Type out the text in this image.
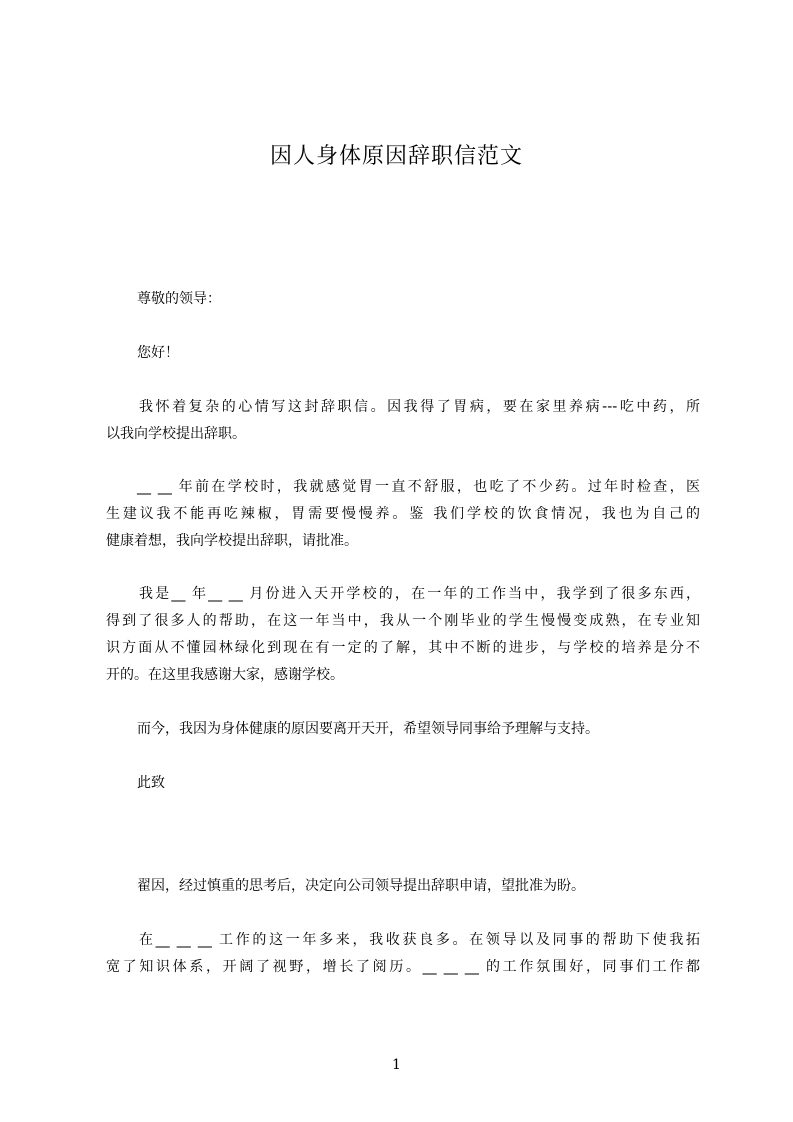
因人身体原因辞职信范文
尊敬的领导：
您好！
我怀着复杂的心情写这封辞职信。因我得了胃病，要在家里养病---吃中药，所
以我向学校提出辞职。
__ __ 年前在学校时，我就感觉胃一直不舒服，也吃了不少药。过年时检查，医
生建议我不能再吃辣椒，胃需要慢慢养。鉴 我们学校的饮食情况，我也为自己的
健康着想，我向学校提出辞职，请批准。
我是__ 年__ __ 月份进入天开学校的，在一年的工作当中，我学到了很多东西，
得到了很多人的帮助，在这一年当中，我从一个刚毕业的学生慢慢变成熟，在专业知
识方面从不懂园林绿化到现在有一定的了解，其中不断的进步，与学校的培养是分不
开的。在这里我感谢大家，感谢学校。
而今，我因为身体健康的原因要离开天开，希望领导同事给予理解与支持。
此致
翟因，经过慎重的思考后，决定向公司领导提出辞职申请，望批准为盼。
在__ __ __ 工作的这一年多来，我收获良多。在领导以及同事的帮助下使我拓
宽了知识体系，开阔了视野，增长了阅历。__ __ __ 的工作氛围好，同事们工作都
1
